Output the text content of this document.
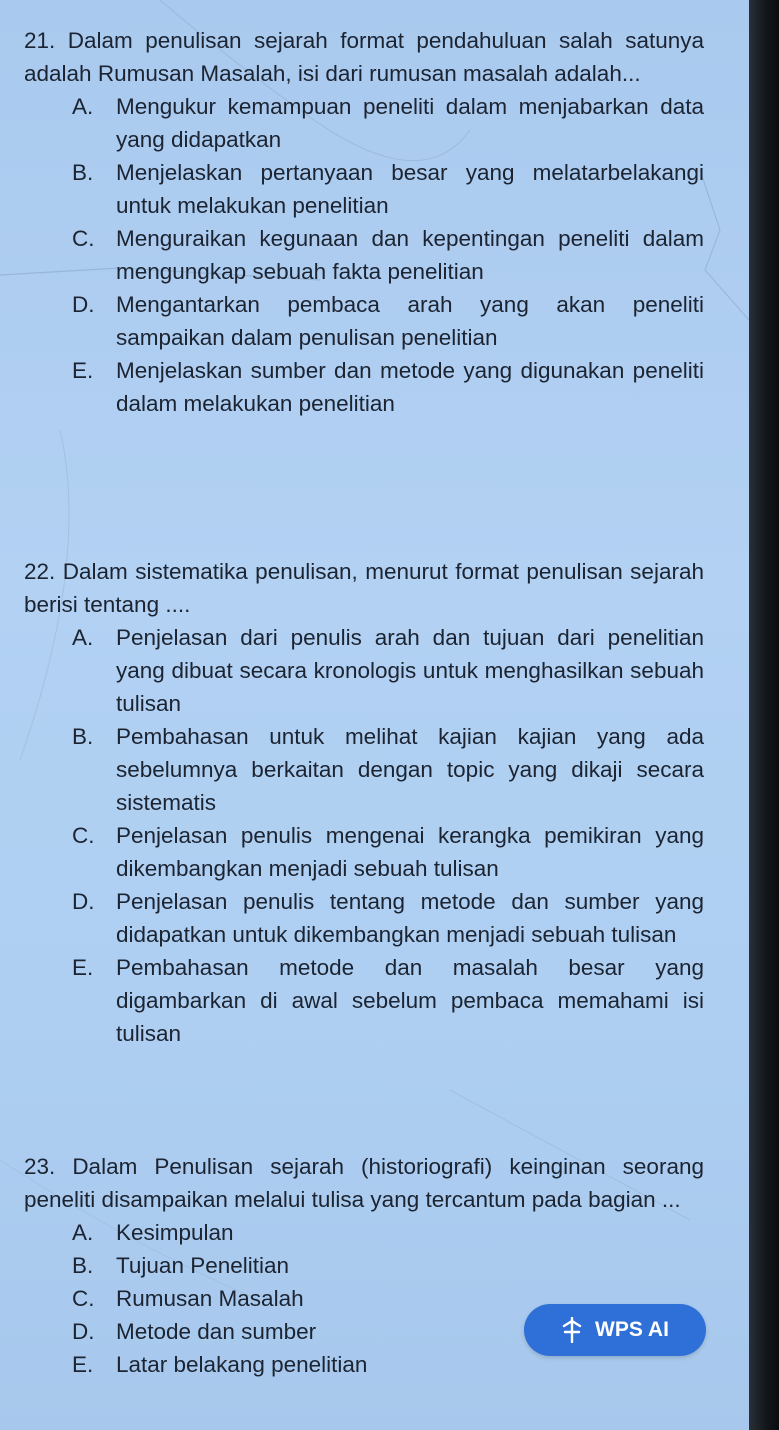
21. Dalam penulisan sejarah format pendahuluan salah satunya adalah Rumusan Masalah, isi dari rumusan masalah adalah...
A. Mengukur kemampuan peneliti dalam menjabarkan data yang didapatkan
B. Menjelaskan pertanyaan besar yang melatarbelakangi untuk melakukan penelitian
C. Menguraikan kegunaan dan kepentingan peneliti dalam mengungkap sebuah fakta penelitian
D. Mengantarkan pembaca arah yang akan peneliti sampaikan dalam penulisan penelitian
E. Menjelaskan sumber dan metode yang digunakan peneliti dalam melakukan penelitian
22. Dalam sistematika penulisan, menurut format penulisan sejarah berisi tentang ....
A. Penjelasan dari penulis arah dan tujuan dari penelitian yang dibuat secara kronologis untuk menghasilkan sebuah tulisan
B. Pembahasan untuk melihat kajian kajian yang ada sebelumnya berkaitan dengan topic yang dikaji secara sistematis
C. Penjelasan penulis mengenai kerangka pemikiran yang dikembangkan menjadi sebuah tulisan
D. Penjelasan penulis tentang metode dan sumber yang didapatkan untuk dikembangkan menjadi sebuah tulisan
E. Pembahasan metode dan masalah besar yang digambarkan di awal sebelum pembaca memahami isi tulisan
23. Dalam Penulisan sejarah (historiografi) keinginan seorang peneliti disampaikan melalui tulisa yang tercantum pada bagian ...
A. Kesimpulan
B. Tujuan Penelitian
C. Rumusan Masalah
D. Metode dan sumber
E. Latar belakang penelitian
WPS AI
